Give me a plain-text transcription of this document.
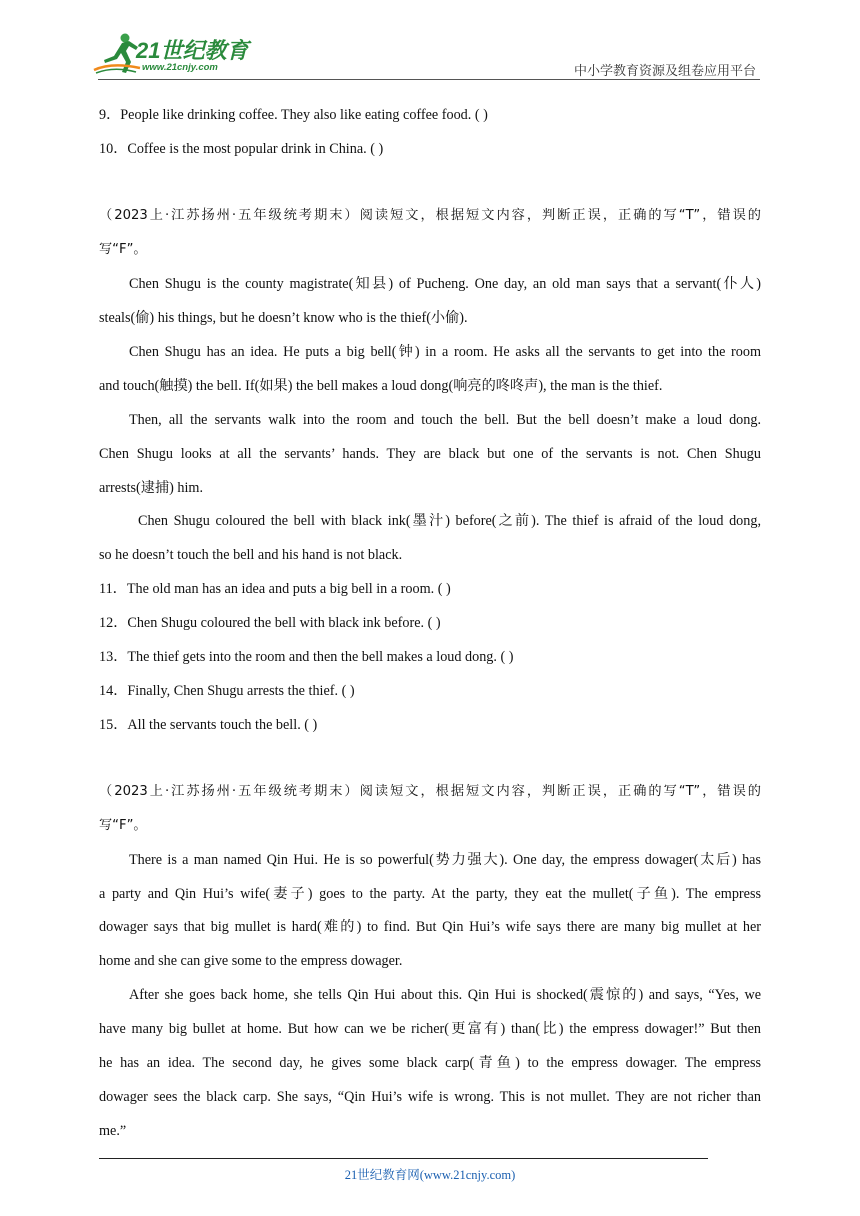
21世纪教育
www.21cnjy.com	中小学教育资源及组卷应用平台
9．People like drinking coffee. They also like eating coffee food. ( )
10．Coffee is the most popular drink in China. ( )
（2023上·江苏扬州·五年级统考期末）阅读短文，根据短文内容，判断正误，正确的写“T”，错误的
写“F”。
Chen Shugu is the county magistrate(知县) of Pucheng. One day, an old man says that a servant(仆人)
steals(偷) his things, but he doesn’t know who is the thief(小偷).
Chen Shugu has an idea. He puts a big bell(钟) in a room. He asks all the servants to get into the room
and touch(触摸) the bell. If(如果) the bell makes a loud dong(响亮的咚咚声), the man is the thief.
Then, all the servants walk into the room and touch the bell. But the bell doesn’t make a loud dong.
Chen Shugu looks at all the servants’ hands. They are black but one of the servants is not. Chen Shugu
arrests(逮捕) him.
Chen Shugu coloured the bell with black ink(墨汁) before(之前). The thief is afraid of the loud dong,
so he doesn’t touch the bell and his hand is not black.
11．The old man has an idea and puts a big bell in a room. ( )
12．Chen Shugu coloured the bell with black ink before. ( )
13．The thief gets into the room and then the bell makes a loud dong. ( )
14．Finally, Chen Shugu arrests the thief. ( )
15．All the servants touch the bell. ( )
（2023上·江苏扬州·五年级统考期末）阅读短文，根据短文内容，判断正误，正确的写“T”，错误的
写“F”。
There is a man named Qin Hui. He is so powerful(势力强大). One day, the empress dowager(太后) has
a party and Qin Hui’s wife(妻子) goes to the party. At the party, they eat the mullet(子鱼). The empress
dowager says that big mullet is hard(难的) to find. But Qin Hui’s wife says there are many big mullet at her
home and she can give some to the empress dowager.
After she goes back home, she tells Qin Hui about this. Qin Hui is shocked(震惊的) and says, “Yes, we
have many big bullet at home. But how can we be richer(更富有) than(比) the empress dowager!” But then
he has an idea. The second day, he gives some black carp(青鱼) to the empress dowager. The empress
dowager sees the black carp. She says, “Qin Hui’s wife is wrong. This is not mullet. They are not richer than
me.”
21世纪教育网(www.21cnjy.com)
